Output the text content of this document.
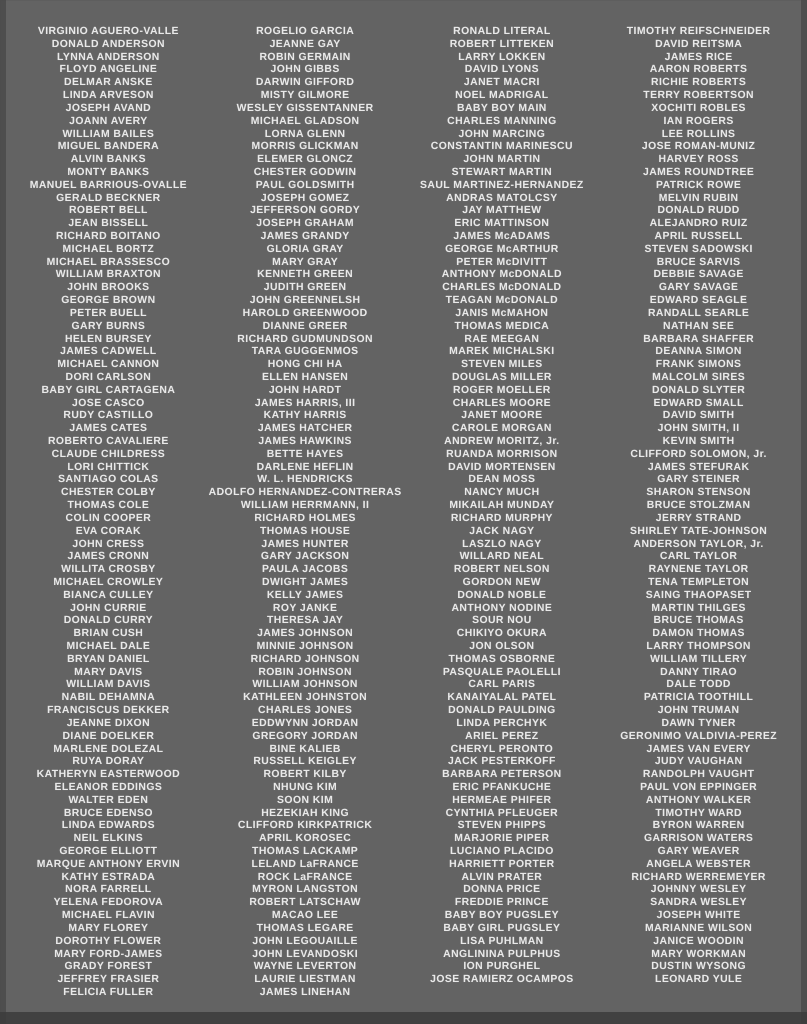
VIRGINIO AGUERO-VALLE
DONALD ANDERSON
LYNNA ANDERSON
FLOYD ANGELINE
DELMAR ANSKE
LINDA ARVESON
JOSEPH AVAND
JOANN AVERY
WILLIAM BAILES
MIGUEL BANDERA
ALVIN BANKS
MONTY BANKS
MANUEL BARRIOUS-OVALLE
GERALD BECKNER
ROBERT BELL
JEAN BISSELL
RICHARD BOITANO
MICHAEL BORTZ
MICHAEL BRASSESCO
WILLIAM BRAXTON
JOHN BROOKS
GEORGE BROWN
PETER BUELL
GARY BURNS
HELEN BURSEY
JAMES CADWELL
MICHAEL CANNON
DORI CARLSON
BABY GIRL CARTAGENA
JOSE CASCO
RUDY CASTILLO
JAMES CATES
ROBERTO CAVALIERE
CLAUDE CHILDRESS
LORI CHITTICK
SANTIAGO COLAS
CHESTER COLBY
THOMAS COLE
COLIN COOPER
EVA CORAK
JOHN CRESS
JAMES CRONN
WILLITA CROSBY
MICHAEL CROWLEY
BIANCA CULLEY
JOHN CURRIE
DONALD CURRY
BRIAN CUSH
MICHAEL DALE
BRYAN DANIEL
MARY DAVIS
WILLIAM DAVIS
NABIL DEHAMNA
FRANCISCUS DEKKER
JEANNE DIXON
DIANE DOELKER
MARLENE DOLEZAL
RUYA DORAY
KATHERYN EASTERWOOD
ELEANOR EDDINGS
WALTER EDEN
BRUCE EDENSO
LINDA EDWARDS
NEIL ELKINS
GEORGE ELLIOTT
MARQUE ANTHONY ERVIN
KATHY ESTRADA
NORA FARRELL
YELENA FEDOROVA
MICHAEL FLAVIN
MARY FLOREY
DOROTHY FLOWER
MARY FORD-JAMES
GRADY FOREST
JEFFREY FRASIER
FELICIA FULLER
ROGELIO GARCIA
JEANNE GAY
ROBIN GERMAIN
JOHN GIBBS
DARWIN GIFFORD
MISTY GILMORE
WESLEY GISSENTANNER
MICHAEL GLADSON
LORNA GLENN
MORRIS GLICKMAN
ELEMER GLONCZ
CHESTER GODWIN
PAUL GOLDSMITH
JOSEPH GOMEZ
JEFFERSON GORDY
JOSEPH GRAHAM
JAMES GRANDY
GLORIA GRAY
MARY GRAY
KENNETH GREEN
JUDITH GREEN
JOHN GREENNELSH
HAROLD GREENWOOD
DIANNE GREER
RICHARD GUDMUNDSON
TARA GUGGENMOS
HONG CHI HA
ELLEN HANSEN
JOHN HARDT
JAMES HARRIS, III
KATHY HARRIS
JAMES HATCHER
JAMES HAWKINS
BETTE HAYES
DARLENE HEFLIN
W. L. HENDRICKS
ADOLFO HERNANDEZ-CONTRERAS
WILLIAM HERRMANN, II
RICHARD HOLMES
THOMAS HOUSE
JAMES HUNTER
GARY JACKSON
PAULA JACOBS
DWIGHT JAMES
KELLY JAMES
ROY JANKE
THERESA JAY
JAMES JOHNSON
MINNIE JOHNSON
RICHARD JOHNSON
ROBIN JOHNSON
WILLIAM JOHNSON
KATHLEEN JOHNSTON
CHARLES JONES
EDDWYNN JORDAN
GREGORY JORDAN
BINE KALIEB
RUSSELL KEIGLEY
ROBERT KILBY
NHUNG KIM
SOON KIM
HEZEKIAH KING
CLIFFORD KIRKPATRICK
APRIL KOROSEC
THOMAS LACKAMP
LELAND LaFRANCE
ROCK LaFRANCE
MYRON LANGSTON
ROBERT LATSCHAW
MACAO LEE
THOMAS LEGARE
JOHN LEGOUAILLE
JOHN LEVANDOSKI
WAYNE LEVERTON
LAURIE LIESTMAN
JAMES LINEHAN
RONALD LITERAL
ROBERT LITTEKEN
LARRY LOKKEN
DAVID LYONS
JANET MACRI
NOEL MADRIGAL
BABY BOY MAIN
CHARLES MANNING
JOHN MARCING
CONSTANTIN MARINESCU
JOHN MARTIN
STEWART MARTIN
SAUL MARTINEZ-HERNANDEZ
ANDRAS MATOLCSY
JAY MATTHEW
ERIC MATTINSON
JAMES McADAMS
GEORGE McARTHUR
PETER McDIVITT
ANTHONY McDONALD
CHARLES McDONALD
TEAGAN McDONALD
JANIS McMAHON
THOMAS MEDICA
RAE MEEGAN
MAREK MICHALSKI
STEVEN MILES
DOUGLAS MILLER
ROGER MOELLER
CHARLES MOORE
JANET MOORE
CAROLE MORGAN
ANDREW MORITZ, Jr.
RUANDA MORRISON
DAVID MORTENSEN
DEAN MOSS
NANCY MUCH
MIKAILAH MUNDAY
RICHARD MURPHY
JACK NAGY
LASZLO NAGY
WILLARD NEAL
ROBERT NELSON
GORDON NEW
DONALD NOBLE
ANTHONY NODINE
SOUR NOU
CHIKIYO OKURA
JON OLSON
THOMAS OSBORNE
PASQUALE PAOLELLI
CARL PARIS
KANAIYALAL PATEL
DONALD PAULDING
LINDA PERCHYK
ARIEL PEREZ
CHERYL PERONTO
JACK PESTERKOFF
BARBARA PETERSON
ERIC PFANKUCHE
HERMEAE PHIFER
CYNTHIA PFLEUGER
STEVEN PHIPPS
MARJORIE PIPER
LUCIANO PLACIDO
HARRIETT PORTER
ALVIN PRATER
DONNA PRICE
FREDDIE PRINCE
BABY BOY PUGSLEY
BABY GIRL PUGSLEY
LISA PUHLMAN
ANGLININA PULPHUS
ION PURGHEL
JOSE RAMIERZ OCAMPOS
TIMOTHY REIFSCHNEIDER
DAVID REITSMA
JAMES RICE
AARON ROBERTS
RICHIE ROBERTS
TERRY ROBERTSON
XOCHITI ROBLES
IAN ROGERS
LEE ROLLINS
JOSE ROMAN-MUNIZ
HARVEY ROSS
JAMES ROUNDTREE
PATRICK ROWE
MELVIN RUBIN
DONALD RUDD
ALEJANDRO RUIZ
APRIL RUSSELL
STEVEN SADOWSKI
BRUCE SARVIS
DEBBIE SAVAGE
GARY SAVAGE
EDWARD SEAGLE
RANDALL SEARLE
NATHAN SEE
BARBARA SHAFFER
DEANNA SIMON
FRANK SIMONS
MALCOLM SIRES
DONALD SLYTER
EDWARD SMALL
DAVID SMITH
JOHN SMITH, II
KEVIN SMITH
CLIFFORD SOLOMON, Jr.
JAMES STEFURAK
GARY STEINER
SHARON STENSON
BRUCE STOLZMAN
JERRY STRAND
SHIRLEY TATE-JOHNSON
ANDERSON TAYLOR, Jr.
CARL TAYLOR
RAYNENE TAYLOR
TENA TEMPLETON
SAING THAOPASET
MARTIN THILGES
BRUCE THOMAS
DAMON THOMAS
LARRY THOMPSON
WILLIAM TILLERY
DANNY TIRAO
DALE TODD
PATRICIA TOOTHILL
JOHN TRUMAN
DAWN TYNER
GERONIMO VALDIVIA-PEREZ
JAMES VAN EVERY
JUDY VAUGHAN
RANDOLPH VAUGHT
PAUL VON EPPINGER
ANTHONY WALKER
TIMOTHY WARD
BYRON WARREN
GARRISON WATERS
GARY WEAVER
ANGELA WEBSTER
RICHARD WERREMEYER
JOHNNY WESLEY
SANDRA WESLEY
JOSEPH WHITE
MARIANNE WILSON
JANICE WOODIN
MARY WORKMAN
DUSTIN WYSONG
LEONARD YULE
